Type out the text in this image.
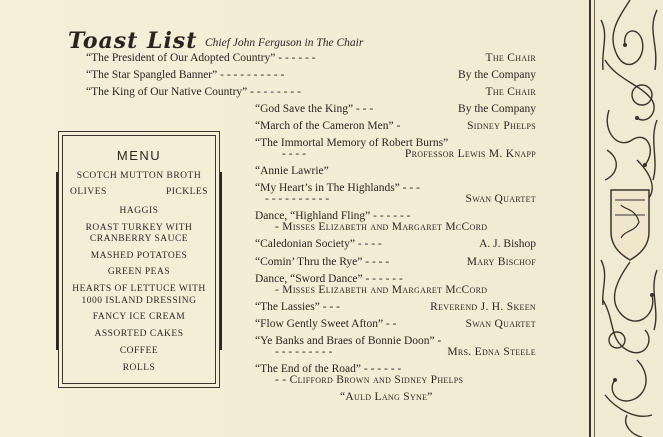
Toast List Chief John Ferguson in The Chair
“The President of Our Adopted Country” - - - - - -	The Chair
“The Star Spangled Banner” - - - - - - - - - -	By the Company
“The King of Our Native Country” - - - - - - - -	The Chair
“God Save the King” - - -	By the Company
“March of the Cameron Men” -	Sidney Phelps
“The Immortal Memory of Robert Burns”
- - - -	Professor Lewis M. Knapp
“Annie Lawrie”
“My Heart’s in The Highlands” - - -
- - - - - - - - - -	Swan Quartet
Dance, “Highland Fling” - - - - - -
- Misses Elizabeth and Margaret McCord
“Caledonian Society” - - - -	A. J. Bishop
“Comin’ Thru the Rye” - - - -	Mary Bischof
Dance, “Sword Dance” - - - - - -
- Misses Elizabeth and Margaret McCord
“The Lassies” - - -	Reverend J. H. Skeen
“Flow Gently Sweet Afton” - -	Swan Quartet
“Ye Banks and Braes of Bonnie Doon” -
- - - - - - - - -	Mrs. Edna Steele
“The End of the Road” - - - - - -
- - Clifford Brown and Sidney Phelps
“Auld Lang Syne”
MENU
SCOTCH MUTTON BROTH
OLIVES	PICKLES
HAGGIS
ROAST TURKEY WITH
CRANBERRY SAUCE
MASHED POTATOES
GREEN PEAS
HEARTS OF LETTUCE WITH
1000 ISLAND DRESSING
FANCY ICE CREAM
ASSORTED CAKES
COFFEE
ROLLS
